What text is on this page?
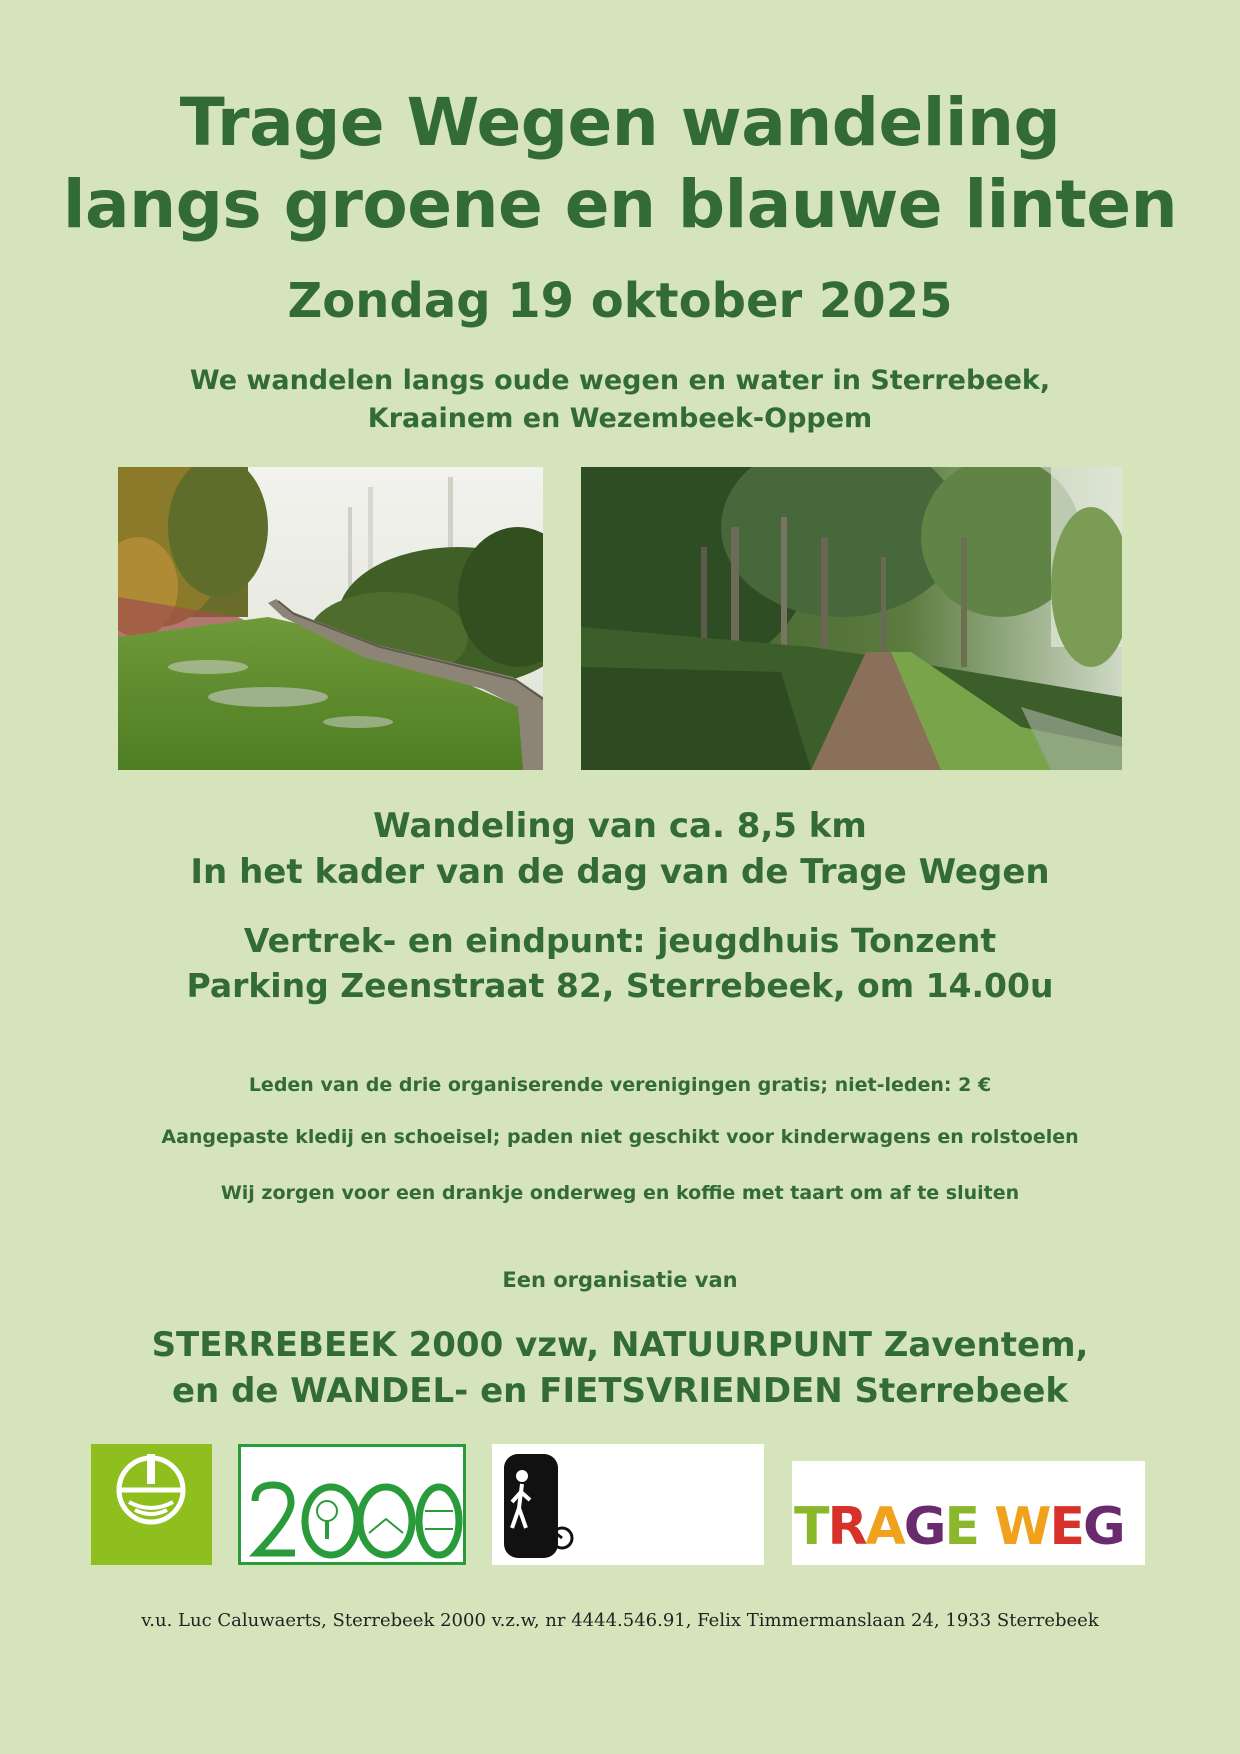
Trage Wegen wandeling
langs groene en blauwe linten
Zondag 19 oktober 2025
We wandelen langs oude wegen en water in Sterrebeek,
Kraainem en Wezembeek-Oppem
Wandeling van ca. 8,5 km
In het kader van de dag van de Trage Wegen
Vertrek- en eindpunt: jeugdhuis Tonzent
Parking Zeenstraat 82, Sterrebeek, om 14.00u
Leden van de drie organiserende verenigingen gratis; niet-leden: 2 €
Aangepaste kledij en schoeisel; paden niet geschikt voor kinderwagens en rolstoelen
Wij zorgen voor een drankje onderweg en koffie met taart om af te sluiten
Een organisatie van
STERREBEEK 2000 vzw, NATUURPUNT Zaventem,
en de WANDEL- en FIETSVRIENDEN Sterrebeek
TRAGE WEG
v.u. Luc Caluwaerts, Sterrebeek 2000 v.z.w, nr 4444.546.91, Felix Timmermanslaan 24, 1933 Sterrebeek
